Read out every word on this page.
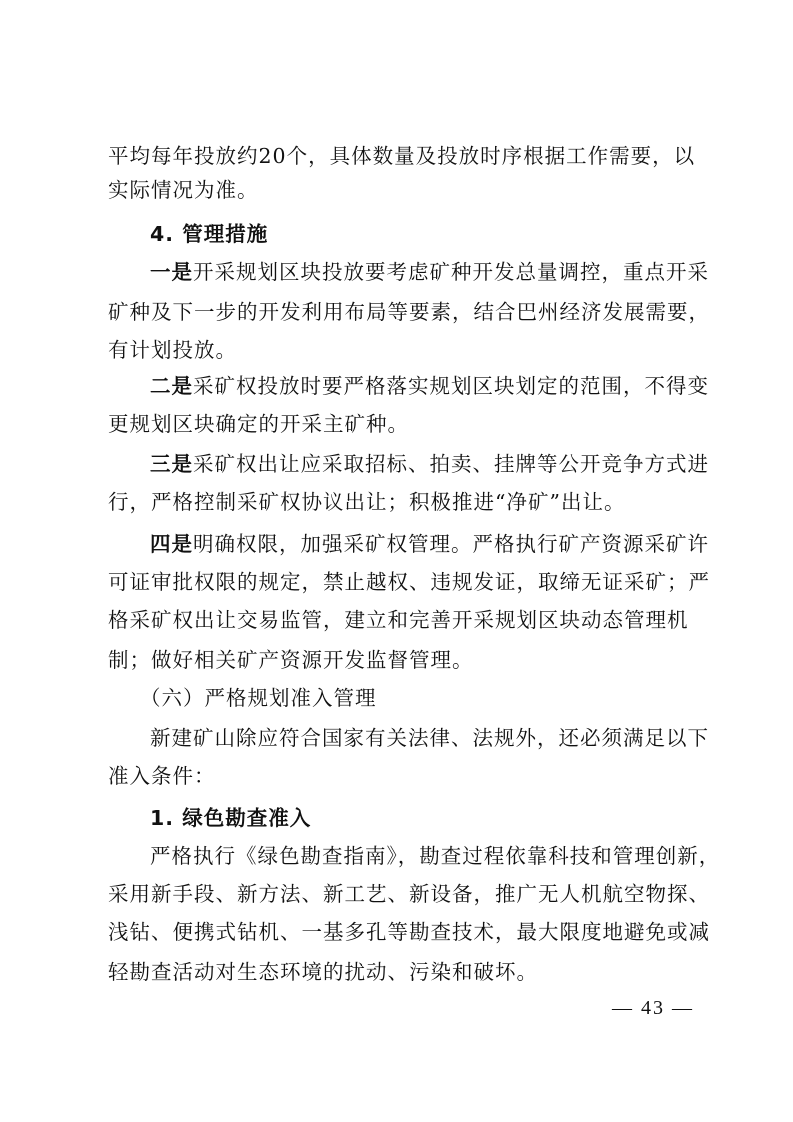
平均每年投放约20个，具体数量及投放时序根据工作需要，以
实际情况为准。
4. 管理措施
一是开采规划区块投放要考虑矿种开发总量调控，重点开采
矿种及下一步的开发利用布局等要素，结合巴州经济发展需要，
有计划投放。
二是采矿权投放时要严格落实规划区块划定的范围，不得变
更规划区块确定的开采主矿种。
三是采矿权出让应采取招标、拍卖、挂牌等公开竞争方式进
行，严格控制采矿权协议出让；积极推进“净矿”出让。
四是明确权限，加强采矿权管理。严格执行矿产资源采矿许
可证审批权限的规定，禁止越权、违规发证，取缔无证采矿；严
格采矿权出让交易监管，建立和完善开采规划区块动态管理机
制；做好相关矿产资源开发监督管理。
（六）严格规划准入管理
新建矿山除应符合国家有关法律、法规外，还必须满足以下
准入条件：
1. 绿色勘查准入
严格执行《绿色勘查指南》，勘查过程依靠科技和管理创新，
采用新手段、新方法、新工艺、新设备，推广无人机航空物探、
浅钻、便携式钻机、一基多孔等勘查技术，最大限度地避免或减
轻勘查活动对生态环境的扰动、污染和破坏。
— 43 —
